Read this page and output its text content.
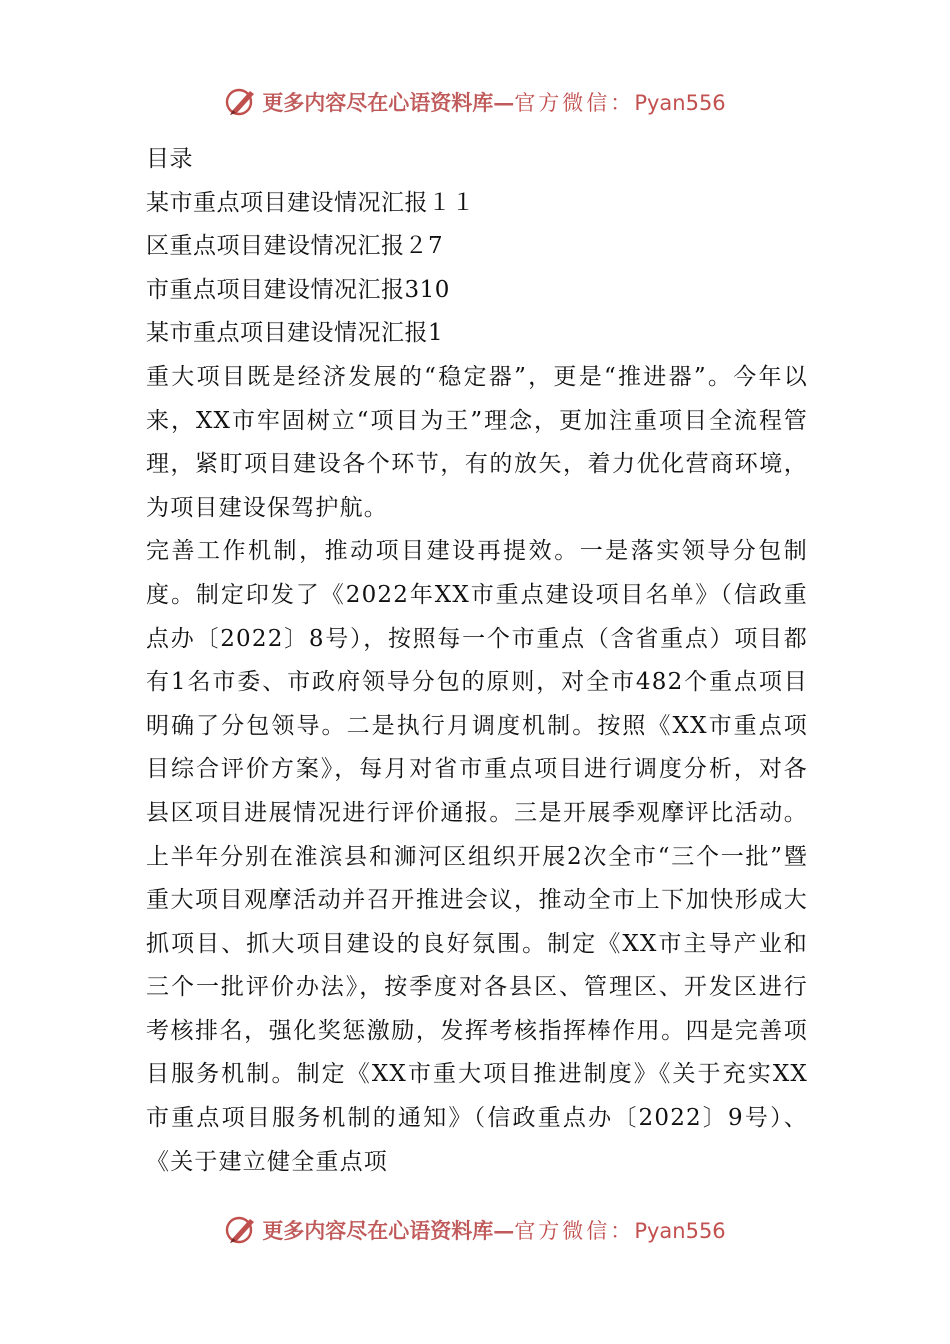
更多内容尽在心语资料库—官方微信：Pyan556
目录
某市重点项目建设情况汇报１１
区重点项目建设情况汇报２7
市重点项目建设情况汇报310
某市重点项目建设情况汇报1

重大项目既是经济发展的“稳定器”，更是“推进器”。今年以来，XX市牢固树立“项目为王”理念，更加注重项目全流程管理，紧盯项目建设各个环节，有的放矢，着力优化营商环境，为项目建设保驾护航。

完善工作机制，推动项目建设再提效。一是落实领导分包制度。制定印发了《2022年XX市重点建设项目名单》（信政重点办〔2022〕8号），按照每一个市重点（含省重点）项目都有1名市委、市政府领导分包的原则，对全市482个重点项目明确了分包领导。二是执行月调度机制。按照《XX市重点项目综合评价方案》，每月对省市重点项目进行调度分析，对各县区项目进展情况进行评价通报。三是开展季观摩评比活动。上半年分别在淮滨县和浉河区组织开展2次全市“三个一批”暨重大项目观摩活动并召开推进会议，推动全市上下加快形成大抓项目、抓大项目建设的良好氛围。制定《XX市主导产业和三个一批评价办法》，按季度对各县区、管理区、开发区进行考核排名，强化奖惩激励，发挥考核指挥棒作用。四是完善项目服务机制。制定《XX市重大项目推进制度》《关于充实XX市重点项目服务机制的通知》（信政重点办〔2022〕9号）、《关于建立健全重点项

更多内容尽在心语资料库—官方微信：Pyan556
